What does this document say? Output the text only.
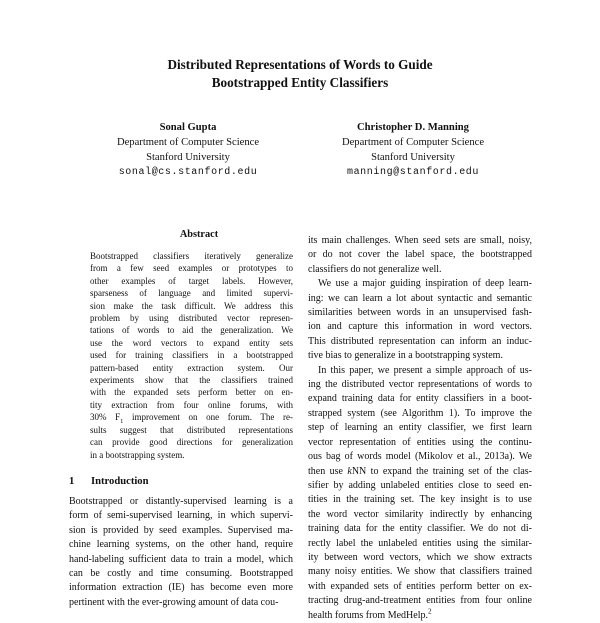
Distributed Representations of Words to Guide
Bootstrapped Entity Classifiers
Sonal Gupta
Department of Computer Science
Stanford University
sonal@cs.stanford.edu
Christopher D. Manning
Department of Computer Science
Stanford University
manning@stanford.edu
Abstract
Bootstrapped classifiers iteratively generalize
from a few seed examples or prototypes to
other examples of target labels. However,
sparseness of language and limited supervi-
sion make the task difficult. We address this
problem by using distributed vector represen-
tations of words to aid the generalization. We
use the word vectors to expand entity sets
used for training classifiers in a bootstrapped
pattern-based entity extraction system. Our
experiments show that the classifiers trained
with the expanded sets perform better on en-
tity extraction from four online forums, with
30% $F_1$ improvement on one forum. The re-
sults suggest that distributed representations
can provide good directions for generalization
in a bootstrapping system.
1 Introduction
Bootstrapped or distantly-supervised learning is a
form of semi-supervised learning, in which supervi-
sion is provided by seed examples. Supervised ma-
chine learning systems, on the other hand, require
hand-labeling sufficient data to train a model, which
can be costly and time consuming. Bootstrapped
information extraction (IE) has become even more
pertinent with the ever-growing amount of data cou-
its main challenges. When seed sets are small, noisy,
or do not cover the label space, the bootstrapped
classifiers do not generalize well.
We use a major guiding inspiration of deep learn-
ing: we can learn a lot about syntactic and semantic
similarities between words in an unsupervised fash-
ion and capture this information in word vectors.
This distributed representation can inform an induc-
tive bias to generalize in a bootstrapping system.
In this paper, we present a simple approach of us-
ing the distributed vector representations of words to
expand training data for entity classifiers in a boot-
strapped system (see Algorithm 1). To improve the
step of learning an entity classifier, we first learn
vector representation of entities using the continu-
ous bag of words model (Mikolov et al., 2013a). We
then use kNN to expand the training set of the clas-
sifier by adding unlabeled entities close to seed en-
tities in the training set. The key insight is to use
the word vector similarity indirectly by enhancing
training data for the entity classifier. We do not di-
rectly label the unlabeled entities using the similar-
ity between word vectors, which we show extracts
many noisy entities. We show that classifiers trained
with expanded sets of entities perform better on ex-
tracting drug-and-treatment entities from four online
health forums from MedHelp.$^2$
